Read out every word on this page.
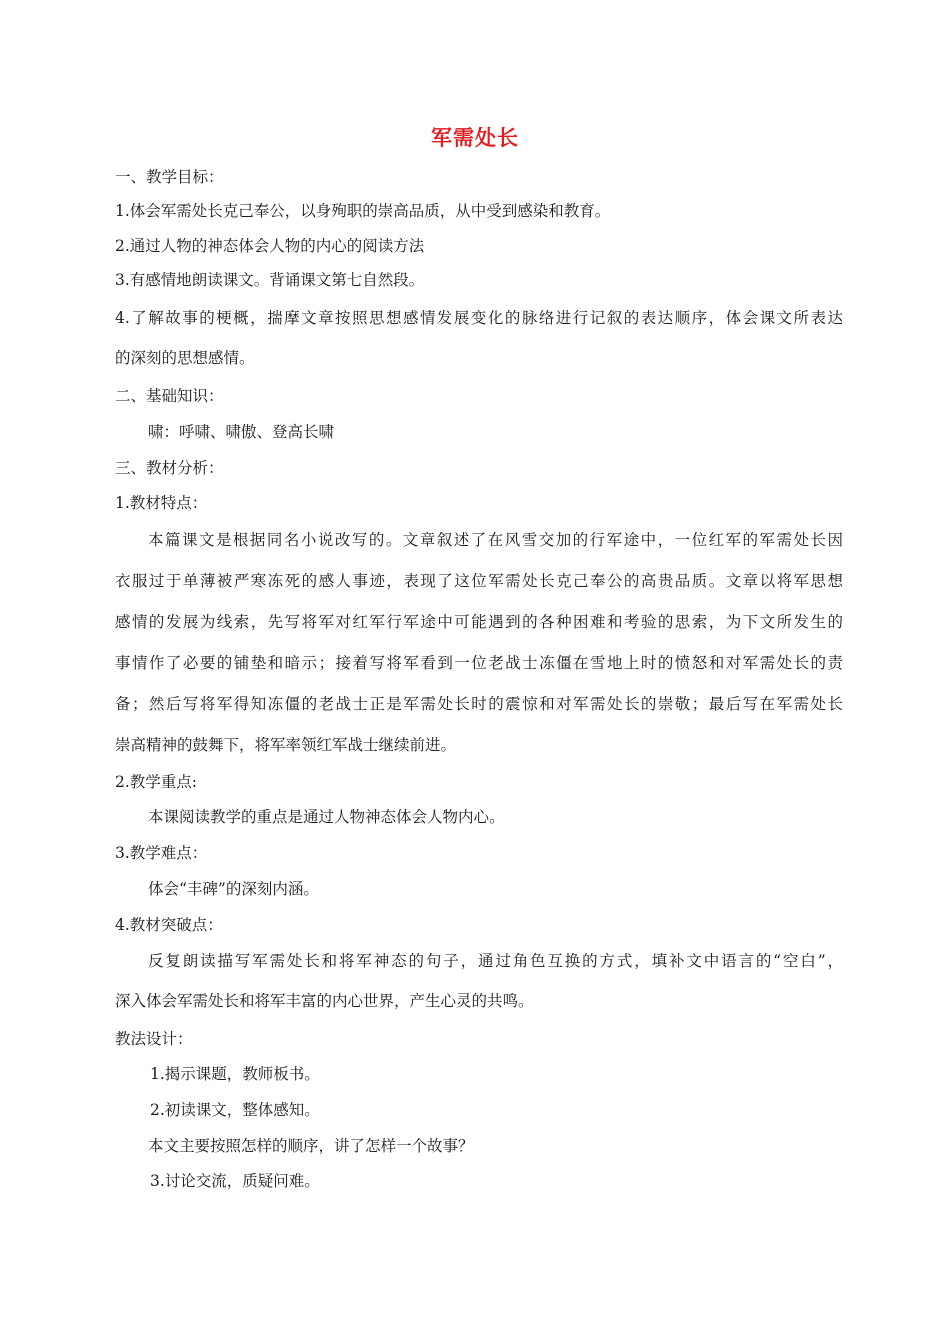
军需处长
一、教学目标：
1.体会军需处长克己奉公，以身殉职的崇高品质，从中受到感染和教育。
2.通过人物的神态体会人物的内心的阅读方法
3.有感情地朗读课文。背诵课文第七自然段。
4.了解故事的梗概，揣摩文章按照思想感情发展变化的脉络进行记叙的表达顺序，体会课文所表达
的深刻的思想感情。
二、基础知识：
啸：呼啸、啸傲、登高长啸
三、教材分析：
1.教材特点：
本篇课文是根据同名小说改写的。文章叙述了在风雪交加的行军途中，一位红军的军需处长因
衣服过于单薄被严寒冻死的感人事迹，表现了这位军需处长克己奉公的高贵品质。文章以将军思想
感情的发展为线索，先写将军对红军行军途中可能遇到的各种困难和考验的思索，为下文所发生的
事情作了必要的铺垫和暗示；接着写将军看到一位老战士冻僵在雪地上时的愤怒和对军需处长的责
备；然后写将军得知冻僵的老战士正是军需处长时的震惊和对军需处长的崇敬；最后写在军需处长
崇高精神的鼓舞下，将军率领红军战士继续前进。
2.教学重点:
本课阅读教学的重点是通过人物神态体会人物内心。
3.教学难点：
体会“丰碑”的深刻内涵。
4.教材突破点：
反复朗读描写军需处长和将军神态的句子，通过角色互换的方式，填补文中语言的“空白”，
深入体会军需处长和将军丰富的内心世界，产生心灵的共鸣。
教法设计：
1.揭示课题，教师板书。
2.初读课文，整体感知。
本文主要按照怎样的顺序，讲了怎样一个故事？
3.讨论交流，质疑问难。
